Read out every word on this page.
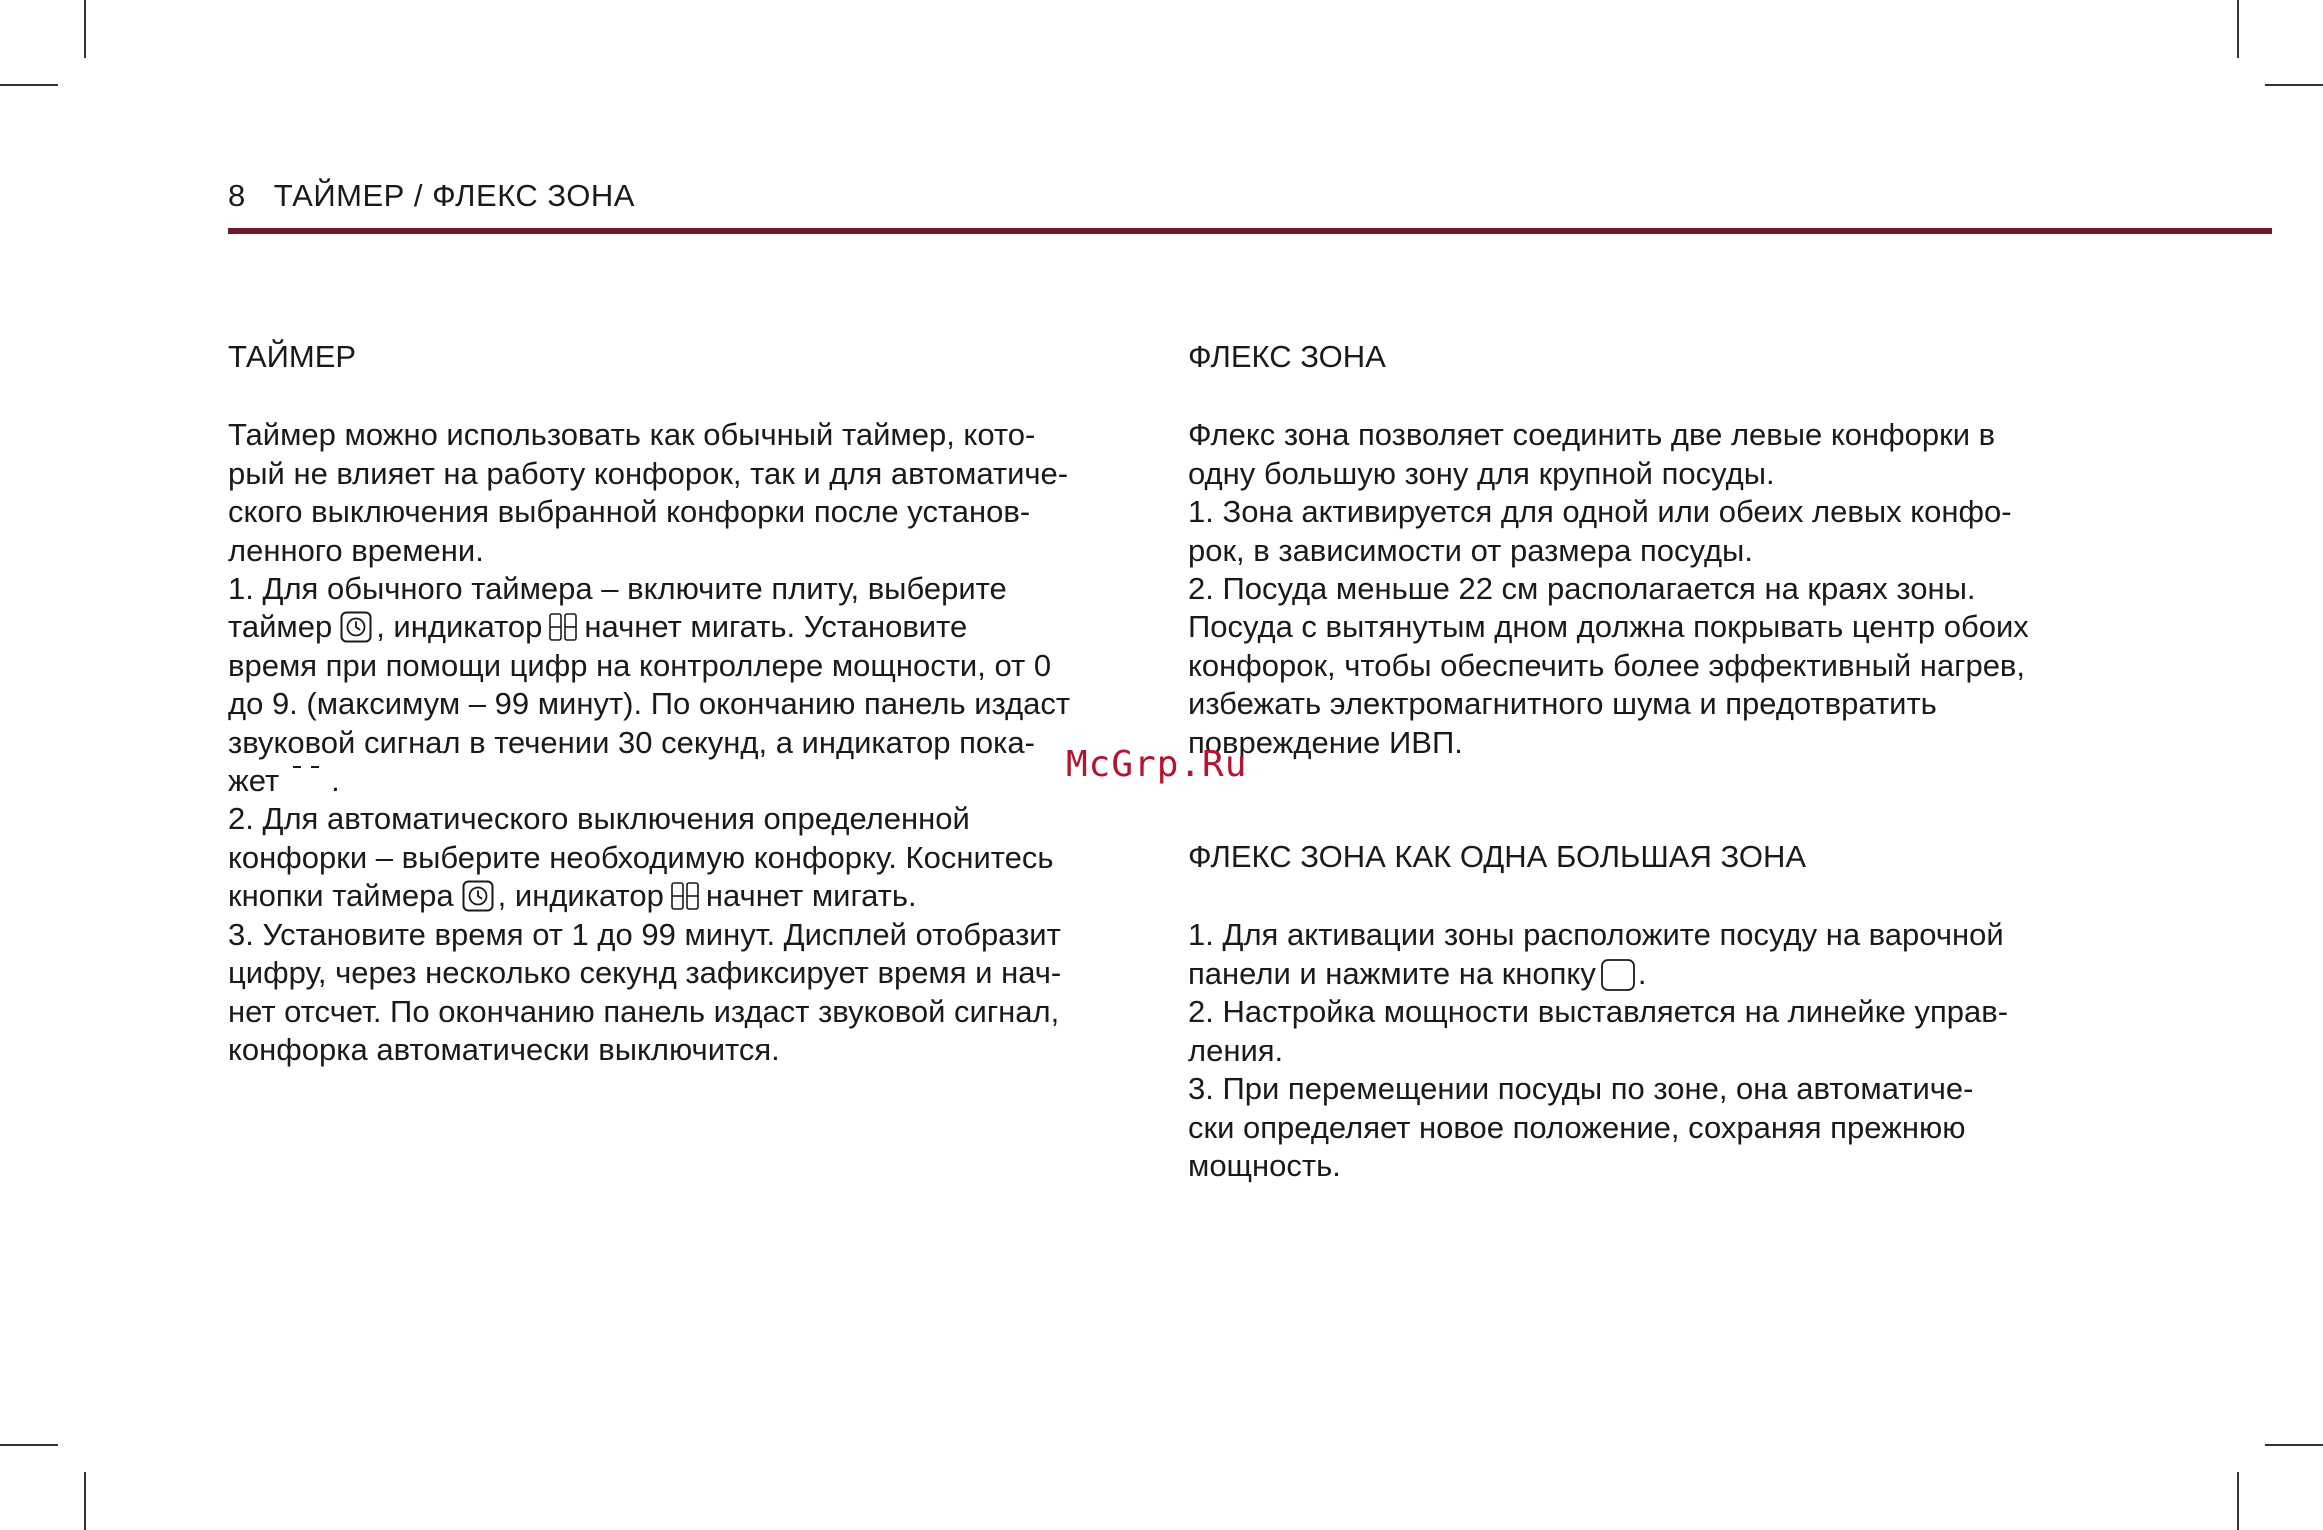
8 ТАЙМЕР / ФЛЕКС ЗОНА
ТАЙМЕР
Таймер можно использовать как обычный таймер, кото-
рый не влияет на работу конфорок, так и для автоматиче-
ского выключения выбранной конфорки после установ-
ленного времени.
1. Для обычного таймера – включите плиту, выберите
таймер , индикатор начнет мигать. Установите
время при помощи цифр на контроллере мощности, от 0
до 9. (максимум – 99 минут). По окончанию панель издаст
звуковой сигнал в течении 30 секунд, а индикатор пока-
жет .
2. Для автоматического выключения определенной
конфорки – выберите необходимую конфорку. Коснитесь
кнопки таймера , индикатор начнет мигать.
3. Установите время от 1 до 99 минут. Дисплей отобразит
цифру, через несколько секунд зафиксирует время и нач-
нет отсчет. По окончанию панель издаст звуковой сигнал,
конфорка автоматически выключится.
ФЛЕКС ЗОНА
Флекс зона позволяет соединить две левые конфорки в
одну большую зону для крупной посуды.
1. Зона активируется для одной или обеих левых конфо-
рок, в зависимости от размера посуды.
2. Посуда меньше 22 см располагается на краях зоны.
Посуда с вытянутым дном должна покрывать центр обоих
конфорок, чтобы обеспечить более эффективный нагрев,
избежать электромагнитного шума и предотвратить
повреждение ИВП.
ФЛЕКС ЗОНА КАК ОДНА БОЛЬШАЯ ЗОНА
1. Для активации зоны расположите посуду на варочной
панели и нажмите на кнопку .
2. Настройка мощности выставляется на линейке управ-
ления.
3. При перемещении посуды по зоне, она автоматиче-
ски определяет новое положение, сохраняя прежнюю
мощность.
McGrp.Ru
